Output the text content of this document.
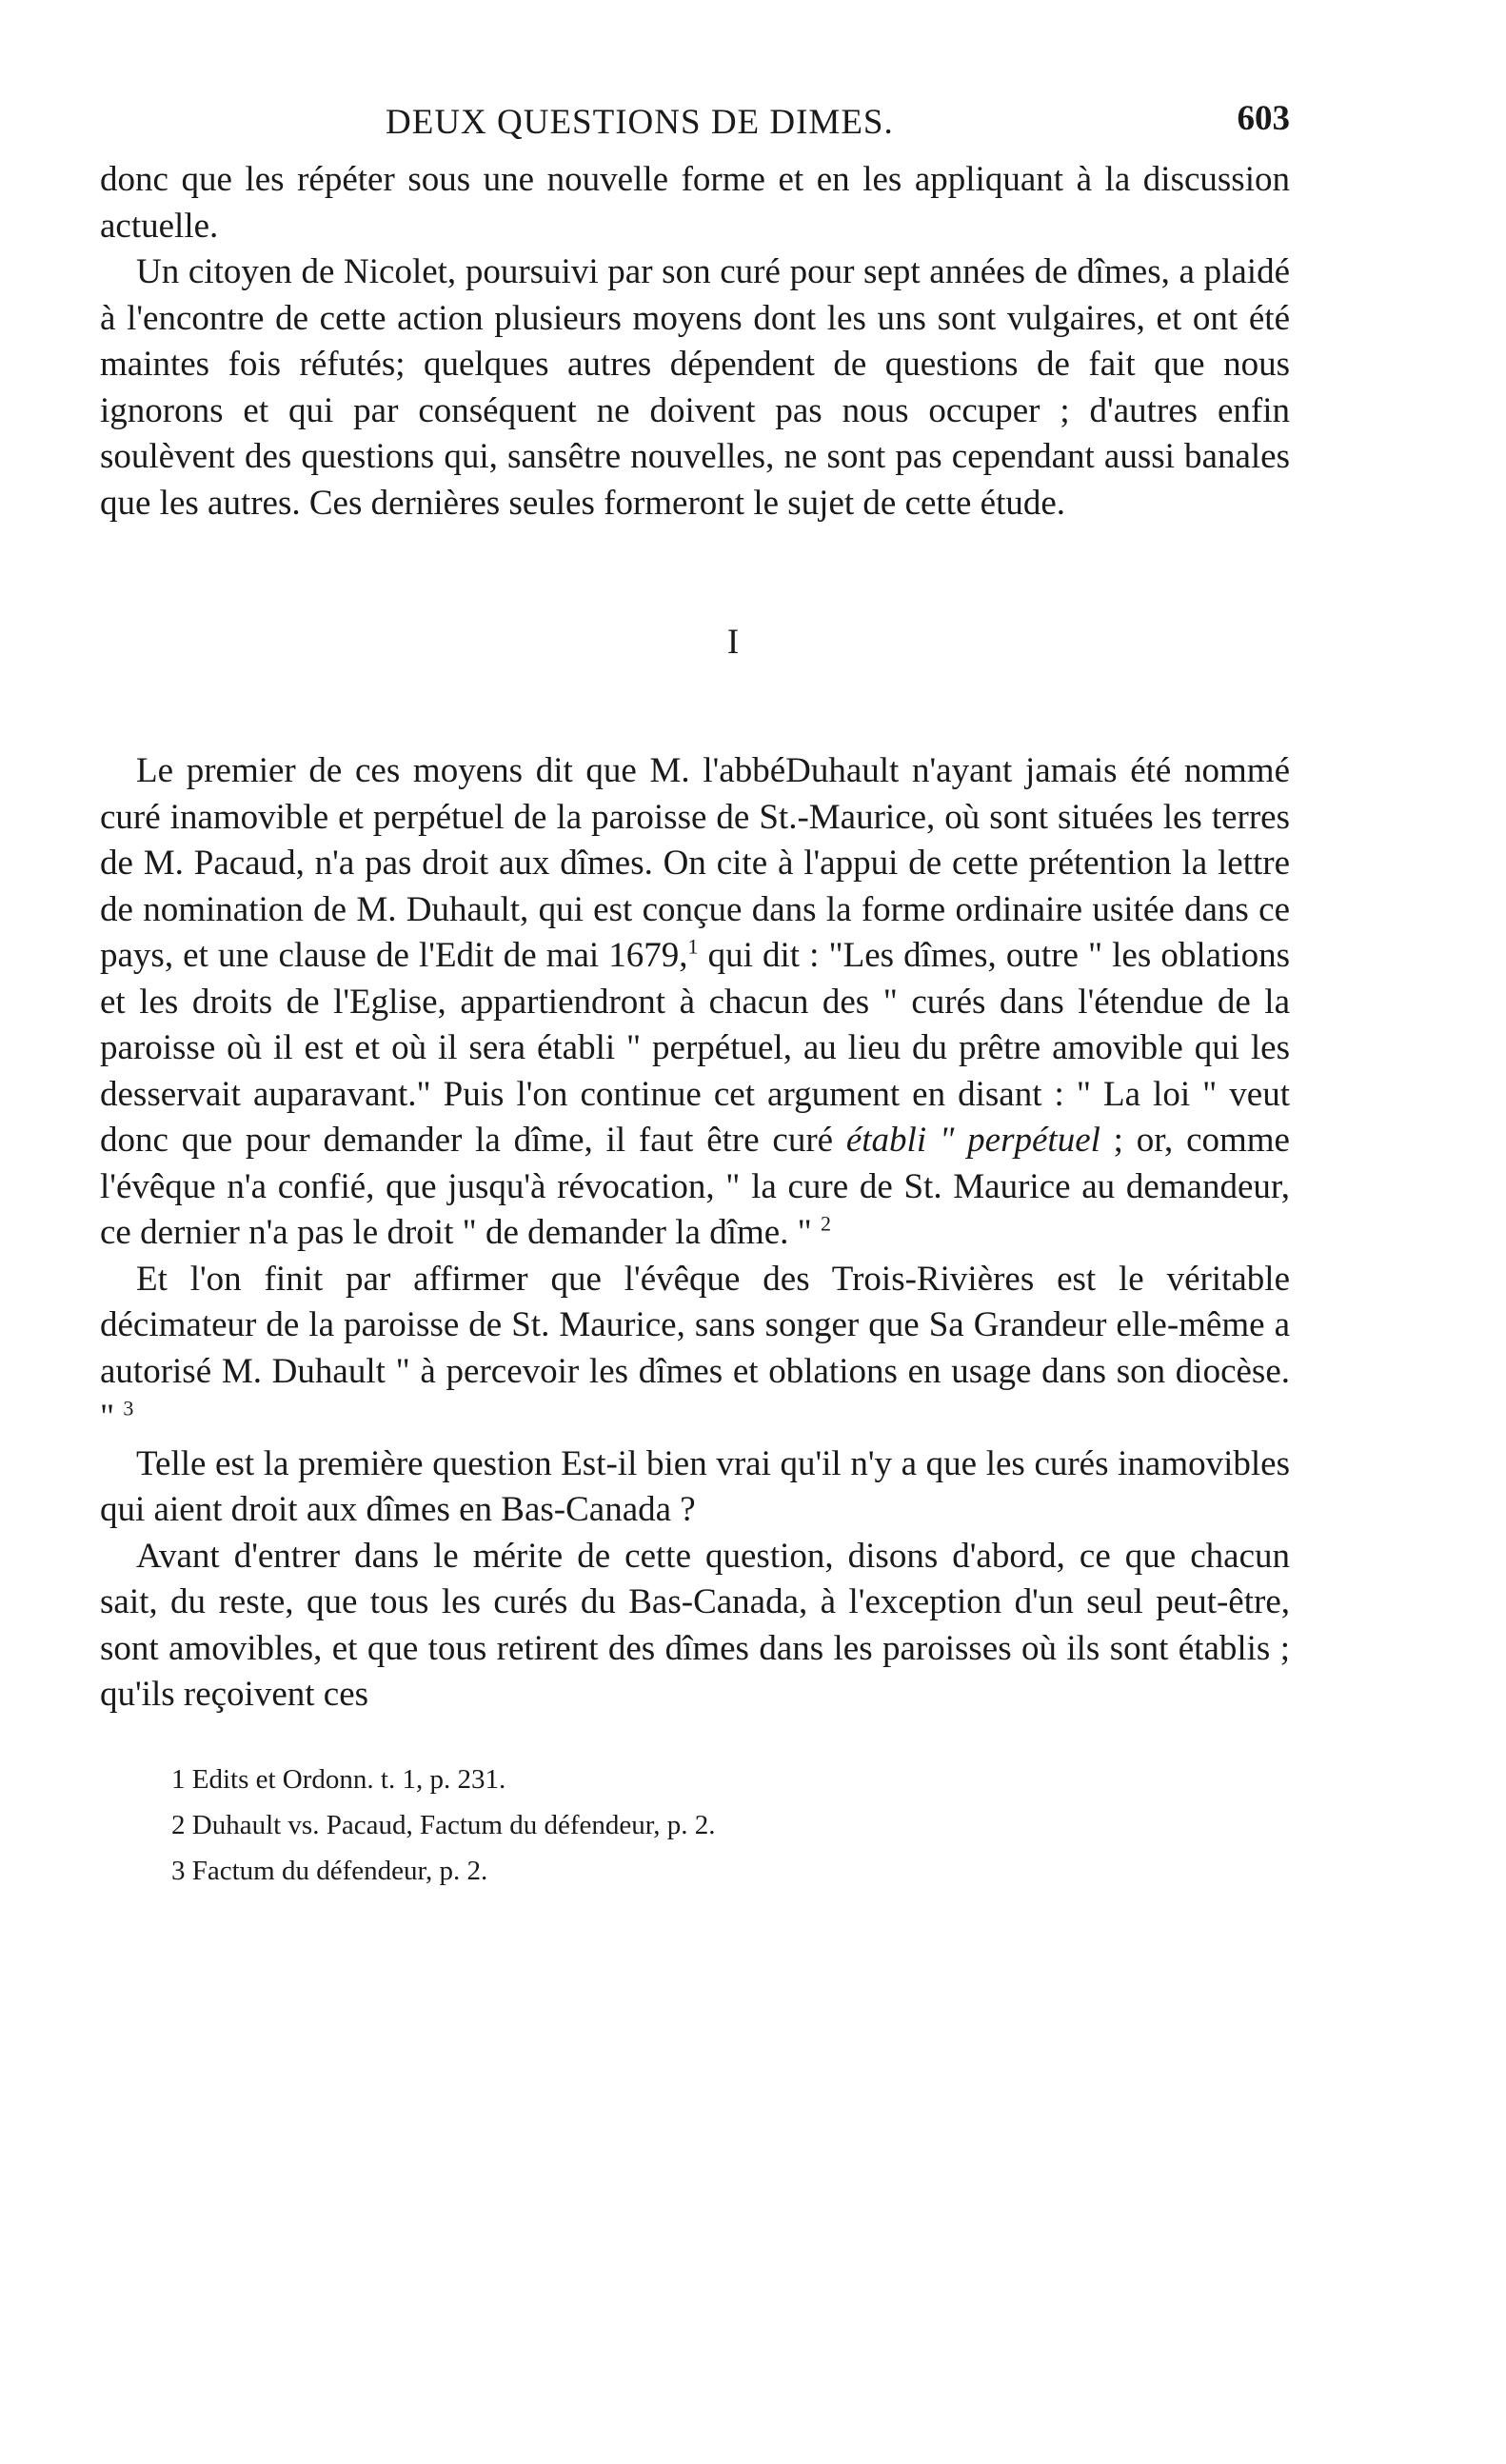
DEUX QUESTIONS DE DIMES.	603

donc que les répéter sous une nouvelle forme et en les appliquant à la discussion actuelle.

Un citoyen de Nicolet, poursuivi par son curé pour sept années de dîmes, a plaidé à l'encontre de cette action plusieurs moyens dont les uns sont vulgaires, et ont été maintes fois réfutés; quelques autres dépendent de questions de fait que nous ignorons et qui par conséquent ne doivent pas nous occuper ; d'autres enfin soulèvent des questions qui, sansêtre nouvelles, ne sont pas cependant aussi banales que les autres. Ces dernières seules formeront le sujet de cette étude.

I

Le premier de ces moyens dit que M. l'abbéDuhault n'ayant jamais été nommé curé inamovible et perpétuel de la paroisse de St.-Maurice, où sont situées les terres de M. Pacaud, n'a pas droit aux dîmes. On cite à l'appui de cette prétention la lettre de nomination de M. Duhault, qui est conçue dans la forme ordinaire usitée dans ce pays, et une clause de l'Edit de mai 1679,$^1$ qui dit : "Les dîmes, outre " les oblations et les droits de l'Eglise, appartiendront à chacun des " curés dans l'étendue de la paroisse où il est et où il sera établi " perpétuel, au lieu du prêtre amovible qui les desservait auparavant." Puis l'on continue cet argument en disant : " La loi " veut donc que pour demander la dîme, il faut être curé établi " perpétuel ; or, comme l'évêque n'a confié, que jusqu'à révocation, " la cure de St. Maurice au demandeur, ce dernier n'a pas le droit " de demander la dîme. " $^2$

Et l'on finit par affirmer que l'évêque des Trois-Rivières est le véritable décimateur de la paroisse de St. Maurice, sans songer que Sa Grandeur elle-même a autorisé M. Duhault " à percevoir les dîmes et oblations en usage dans son diocèse. " $^3$

Telle est la première question Est-il bien vrai qu'il n'y a que les curés inamovibles qui aient droit aux dîmes en Bas-Canada ?

Avant d'entrer dans le mérite de cette question, disons d'abord, ce que chacun sait, du reste, que tous les curés du Bas-Canada, à l'exception d'un seul peut-être, sont amovibles, et que tous retirent des dîmes dans les paroisses où ils sont établis ; qu'ils reçoivent ces

1 Edits et Ordonn. t. 1, p. 231.
2 Duhault vs. Pacaud, Factum du défendeur, p. 2.
3 Factum du défendeur, p. 2.
